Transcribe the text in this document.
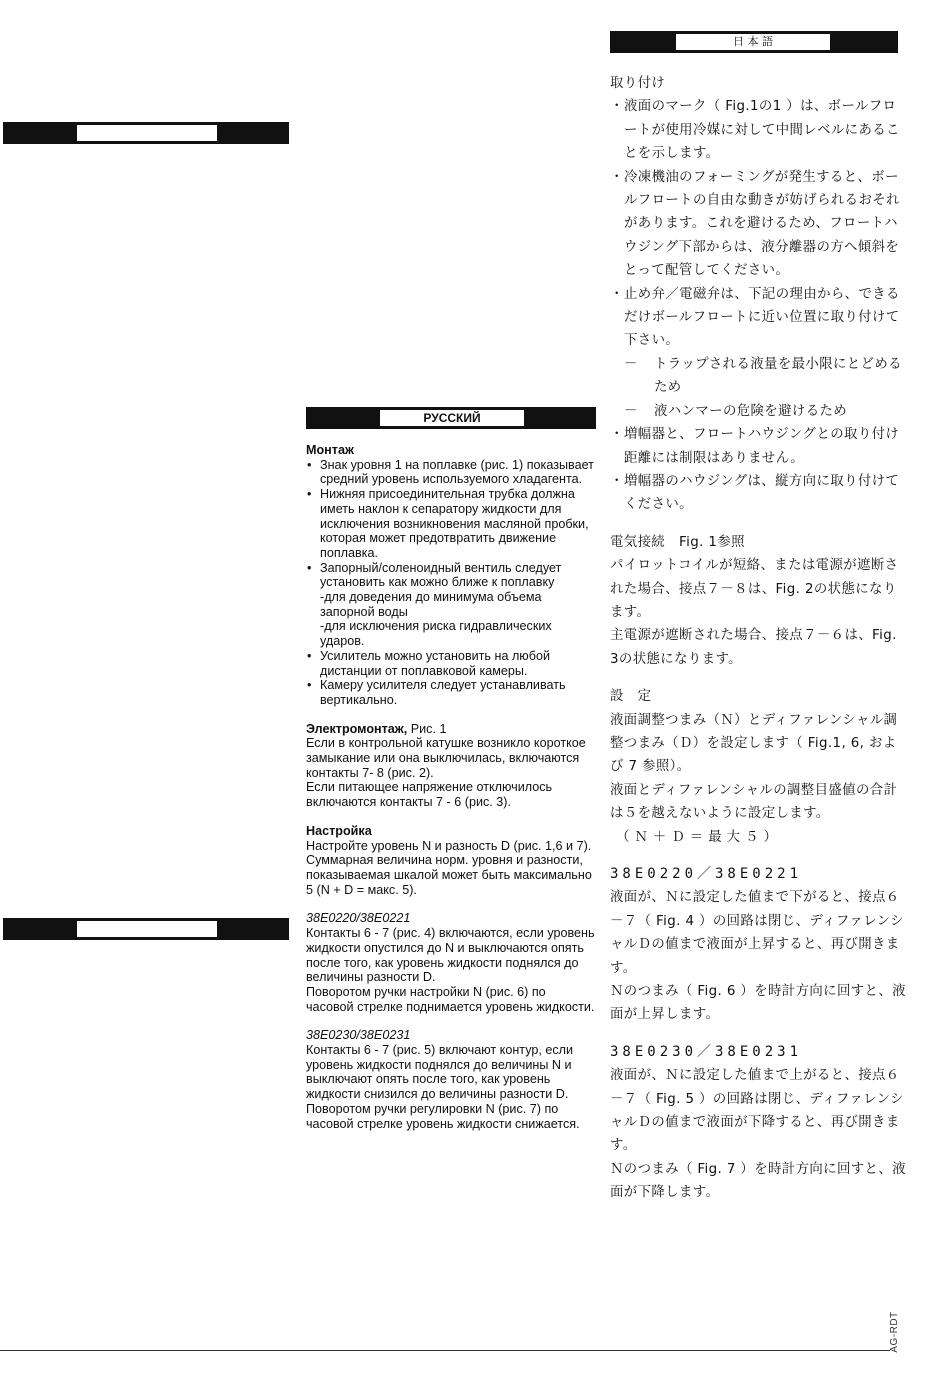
РУССКИЙ
日 本 語
Монтаж
• Знак уровня 1 на поплавке (рис. 1) показывает средний уровень используемого хладагента.
• Нижняя присоединительная трубка должна иметь наклон к сепаратору жидкости для исключения возникновения масляной пробки, которая может предотвратить движение поплавка.
• Запорный/соленоидный вентиль следует установить как можно ближе к поплавку
-для доведения до минимума объема запорной воды
-для исключения риска гидравлических ударов.
• Усилитель можно установить на любой дистанции от поплавковой камеры.
• Камеру усилителя следует устанавливать вертикально.
Электромонтаж, Рис. 1

Если в контрольной катушке возникло короткое замыкание или она выключилась, включаются контакты 7- 8 (рис. 2).

Если питающее напряжение отключилось включаются контакты 7 - 6 (рис. 3).

Настройка

Настройте уровень N и разность D (рис. 1,6 и 7).

Суммарная величина норм. уровня и разности, показываемая шкалой может быть максимально 5 (N + D = макс. 5).

38E0220/38E0221

Контакты 6 - 7 (рис. 4) включаются, если уровень жидкости опустился до N и выключаются опять после того, как уровень жидкости поднялся до величины разности D.

Поворотом ручки настройки N (рис. 6) по часовой стрелке поднимается уровень жидкости.

38E0230/38E0231

Контакты 6 - 7 (рис. 5) включают контур, если уровень жидкости поднялся до величины N и выключают опять после того, как уровень жидкости снизился до величины разности D.

Поворотом ручки регулировки N (рис. 7) по часовой стрелке уровень жидкости снижается.

取り付け

・ 液面のマーク（ Fig.1の1 ）は、ボールフロートが使用冷媒に対して中間レベルにあることを示します。

・ 冷凍機油のフォーミングが発生すると、ボールフロートの自由な動きが妨げられるおそれがあります。これを避けるため、フロートハウジング下部からは、液分離器の方へ傾斜をとって配管してください。

・ 止め弁／電磁弁は、下記の理由から、できるだけボールフロートに近い位置に取り付けて下さい。

－ トラップされる液量を最小限にとどめるため

－ 液ハンマーの危険を避けるため

・ 増幅器と、フロートハウジングとの取り付け距離には制限はありません。

・ 増幅器のハウジングは、縦方向に取り付けてください。

電気接続　Fig. 1参照

パイロットコイルが短絡、または電源が遮断された場合、接点７－８は、Fig. 2の状態になります。

主電源が遮断された場合、接点７－６は、Fig. 3の状態になります。

設　定

液面調整つまみ（Ｎ）とディファレンシャル調整つまみ（Ｄ）を設定します（ Fig.1, 6, および 7 参照）。

液面とディファレンシャルの調整目盛値の合計は５を越えないように設定します。

（ Ｎ ＋ Ｄ ＝ 最 大 ５ ）

38E0220／38E0221

液面が、Ｎに設定した値まで下がると、接点６－７（ Fig. 4 ）の回路は閉じ、ディファレンシャルＤの値まで液面が上昇すると、再び開きます。

Ｎのつまみ（ Fig. 6 ）を時計方向に回すと、液面が上昇します。

38E0230／38E0231

液面が、Ｎに設定した値まで上がると、接点６－７（ Fig. 5 ）の回路は閉じ、ディファレンシャルＤの値まで液面が下降すると、再び開きます。

Ｎのつまみ（ Fig. 7 ）を時計方向に回すと、液面が下降します。

AG-RDT
